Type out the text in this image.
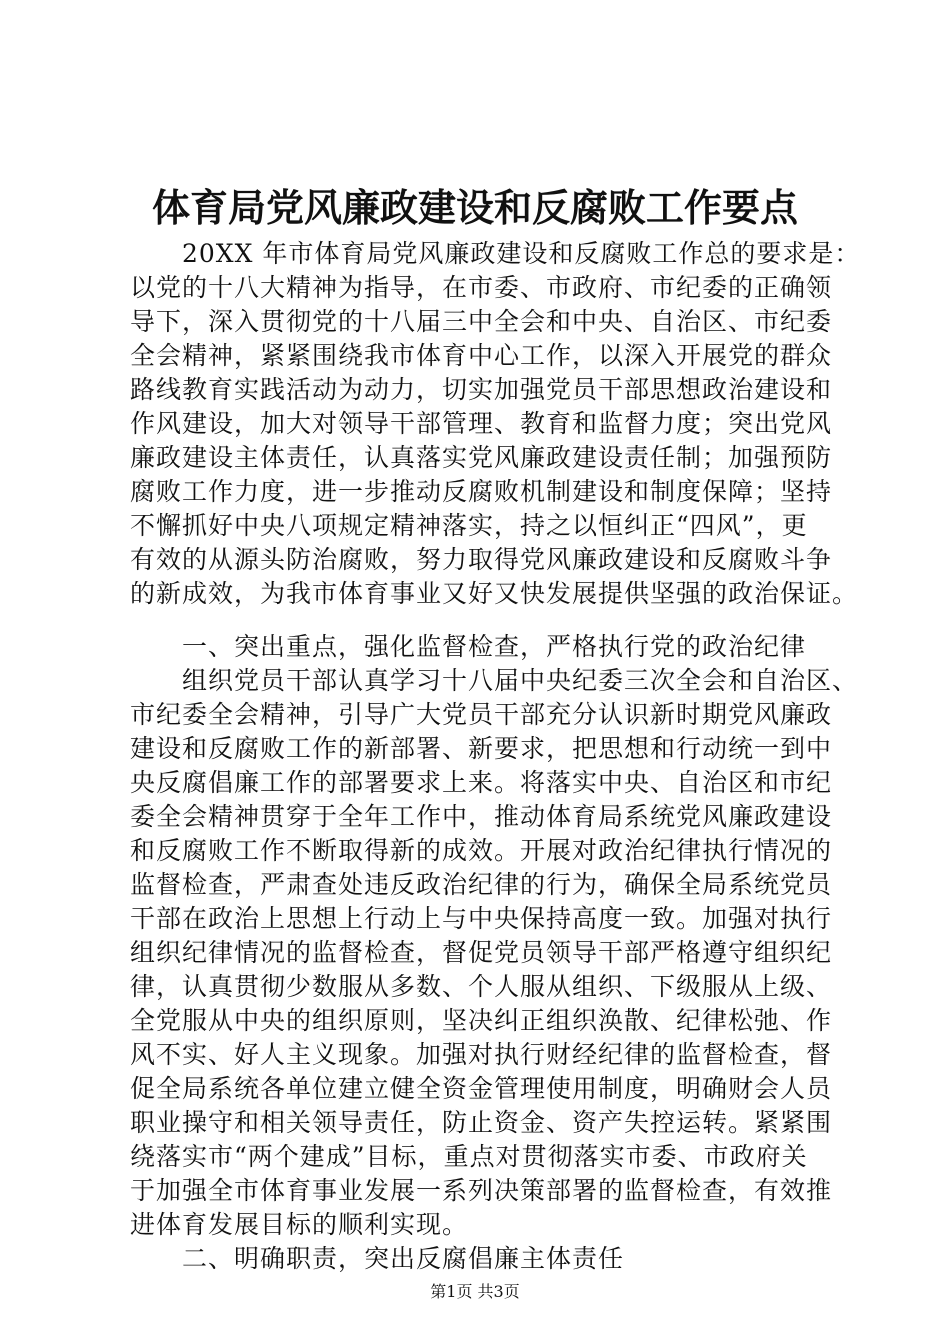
体育局党风廉政建设和反腐败工作要点

　　20XX 年市体育局党风廉政建设和反腐败工作总的要求是：

以党的十八大精神为指导，在市委、市政府、市纪委的正确领

导下，深入贯彻党的十八届三中全会和中央、自治区、市纪委

全会精神，紧紧围绕我市体育中心工作，以深入开展党的群众

路线教育实践活动为动力，切实加强党员干部思想政治建设和

作风建设，加大对领导干部管理、教育和监督力度；突出党风

廉政建设主体责任，认真落实党风廉政建设责任制；加强预防

腐败工作力度，进一步推动反腐败机制建设和制度保障；坚持

不懈抓好中央八项规定精神落实，持之以恒纠正“四风”，更

有效的从源头防治腐败，努力取得党风廉政建设和反腐败斗争

的新成效，为我市体育事业又好又快发展提供坚强的政治保证。

　　一、突出重点，强化监督检查，严格执行党的政治纪律

　　组织党员干部认真学习十八届中央纪委三次全会和自治区、

市纪委全会精神，引导广大党员干部充分认识新时期党风廉政

建设和反腐败工作的新部署、新要求，把思想和行动统一到中

央反腐倡廉工作的部署要求上来。将落实中央、自治区和市纪

委全会精神贯穿于全年工作中，推动体育局系统党风廉政建设

和反腐败工作不断取得新的成效。开展对政治纪律执行情况的

监督检查，严肃查处违反政治纪律的行为，确保全局系统党员

干部在政治上思想上行动上与中央保持高度一致。加强对执行

组织纪律情况的监督检查，督促党员领导干部严格遵守组织纪

律，认真贯彻少数服从多数、个人服从组织、下级服从上级、

全党服从中央的组织原则，坚决纠正组织涣散、纪律松弛、作

风不实、好人主义现象。加强对执行财经纪律的监督检查，督

促全局系统各单位建立健全资金管理使用制度，明确财会人员

职业操守和相关领导责任，防止资金、资产失控运转。紧紧围

绕落实市“两个建成”目标，重点对贯彻落实市委、市政府关

于加强全市体育事业发展一系列决策部署的监督检查，有效推

进体育发展目标的顺利实现。

　　二、明确职责，突出反腐倡廉主体责任

第1页 共3页
